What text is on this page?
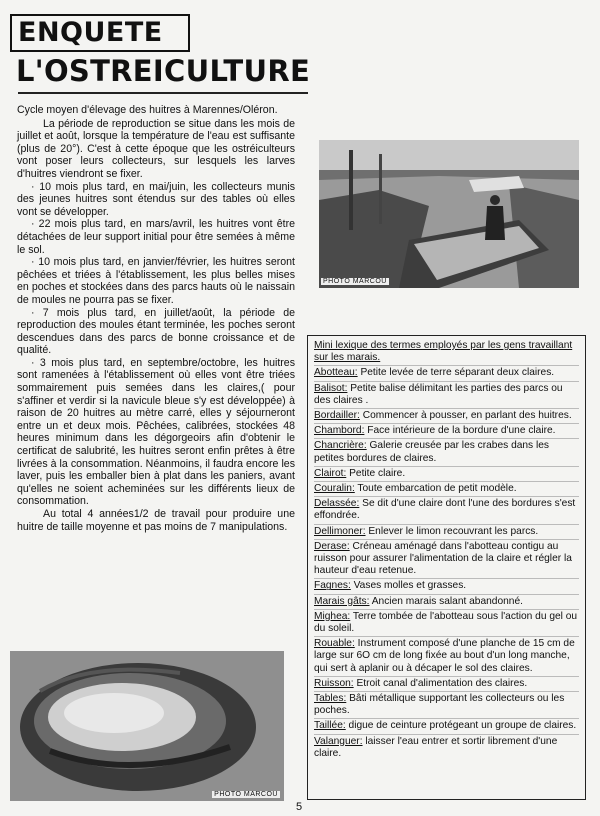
ENQUETE
L'OSTREICULTURE

Cycle moyen d'élevage des huitres à Marennes/Oléron.

La période de reproduction se situe dans les mois de juillet et août, lorsque la température de l'eau est suffisante (plus de 20°). C'est à cette époque que les ostréiculteurs vont poser leurs collecteurs, sur lesquels les larves d'huitres viendront se fixer.

· 10 mois plus tard, en mai/juin, les collecteurs munis des jeunes huitres sont étendus sur des tables où elles vont se développer.

· 22 mois plus tard, en mars/avril, les huitres vont être détachées de leur support initial pour être semées à même le sol.

· 10 mois plus tard, en janvier/février, les huitres seront pêchées et triées à l'établissement, les plus belles mises en poches et stockées dans des parcs hauts où le naissain de moules ne pourra pas se fixer.

· 7 mois plus tard, en juillet/août, la période de reproduction des moules étant terminée, les poches seront descendues dans des parcs de bonne croissance et de qualité.

· 3 mois plus tard, en septembre/octobre, les huitres sont ramenées à l'établissement où elles vont être triées sommairement puis semées dans les claires,( pour s'affiner et verdir si la navicule bleue s'y est développée) à raison de 20 huitres au mètre carré, elles y séjourneront entre un et deux mois. Pêchées, calibrées, stockées 48 heures minimum dans les dégorgeoirs afin d'obtenir le certificat de salubrité, les huitres seront enfin prêtes à être livrées à la consommation. Néanmoins, il faudra encore les laver, puis les emballer bien à plat dans les paniers, avant qu'elles ne soient acheminées sur les différents lieux de consommation.

Au total 4 années1/2 de travail pour produire une huitre de taille moyenne et pas moins de 7 manipulations.

PHOTO MARCOU
PHOTO MARCOU

Mini lexique des termes employés par les gens travaillant sur les marais.

Abotteau: Petite levée de terre séparant deux claires.

Balisot: Petite balise délimitant les parties des parcs ou des claires .

Bordailler: Commencer à pousser, en parlant des huitres.

Chambord: Face intérieure de la bordure d'une claire.

Chancrière: Galerie creusée par les crabes dans les petites bordures de claires.

Clairot: Petite claire.

Couralin: Toute embarcation de petit modèle.

Delassée: Se dit d'une claire dont l'une des bordures s'est effondrée.

Dellimoner: Enlever le limon recouvrant les parcs.

Derase: Créneau aménagé dans l'abotteau contigu au ruisson pour assurer l'alimentation de la claire et régler la hauteur d'eau retenue.

Fagnes: Vases molles et grasses.

Marais gâts: Ancien marais salant abandonné.

Mighea: Terre tombée de l'abotteau sous l'action du gel ou du soleil.

Rouable: Instrument composé d'une planche de 15 cm de large sur 6O cm de long fixée au bout d'un long manche, qui sert à aplanir ou à décaper le sol des claires.

Ruisson: Etroit canal d'alimentation des claires.

Tables: Bâti métallique supportant les collecteurs ou les poches.

Taillée: digue de ceinture protégeant un groupe de claires.

Valanguer: laisser l'eau entrer et sortir librement d'une claire.

5
